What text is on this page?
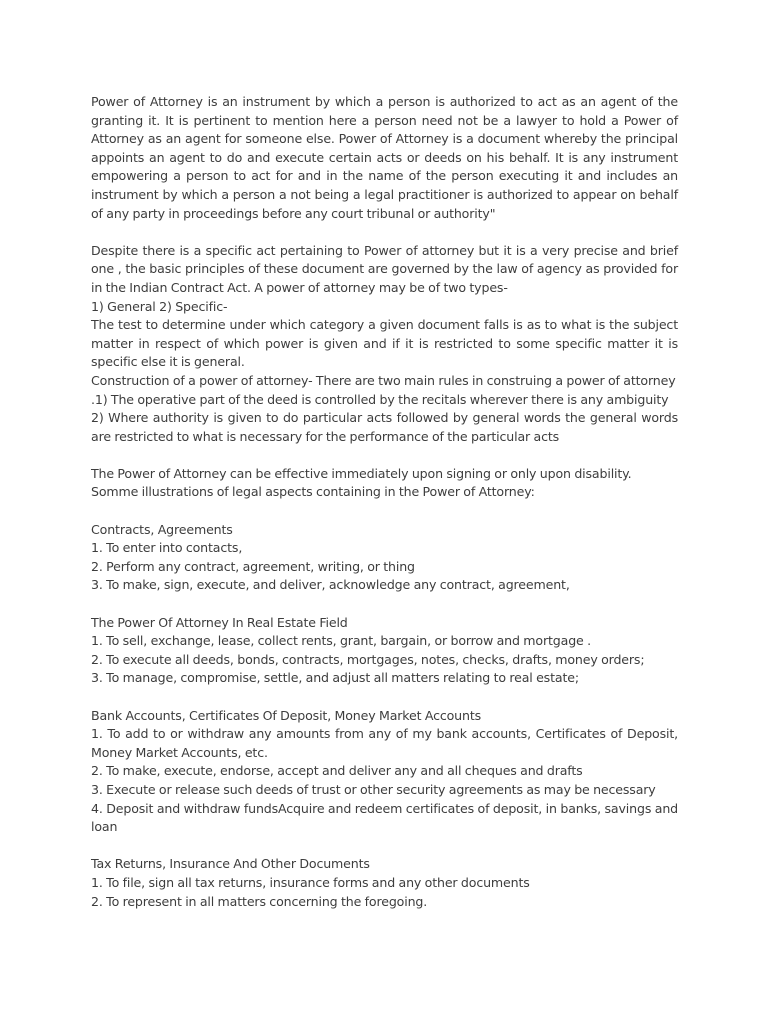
Power of Attorney is an instrument by which a person is authorized to act as an agent of the granting it. It is pertinent to mention here a person need not be a lawyer to hold a Power of Attorney as an agent for someone else. Power of Attorney is a document whereby the principal appoints an agent to do and execute certain acts or deeds on his behalf. It is any instrument empowering a person to act for and in the name of the person executing it and includes an instrument by which a person a not being a legal practitioner is authorized to appear on behalf of any party in proceedings before any court tribunal or authority"

Despite there is a specific act pertaining to Power of attorney but it is a very precise and brief one , the basic principles of these document are governed by the law of agency as provided for in the Indian Contract Act. A power of attorney may be of two types-

1) General 2) Specific-

The test to determine under which category a given document falls is as to what is the subject matter in respect of which power is given and if it is restricted to some specific matter it is specific else it is general.

Construction of a power of attorney- There are two main rules in construing a power of attorney

.1) The operative part of the deed is controlled by the recitals wherever there is any ambiguity

2) Where authority is given to do particular acts followed by general words the general words are restricted to what is necessary for the performance of the particular acts

The Power of Attorney can be effective immediately upon signing or only upon disability.

Somme illustrations of legal aspects containing in the Power of Attorney:

Contracts, Agreements

1. To enter into contacts,

2. Perform any contract, agreement, writing, or thing

3. To make, sign, execute, and deliver, acknowledge any contract, agreement,

The Power Of Attorney In Real Estate Field

1. To sell, exchange, lease, collect rents, grant, bargain, or borrow and mortgage .

2. To execute all deeds, bonds, contracts, mortgages, notes, checks, drafts, money orders;

3. To manage, compromise, settle, and adjust all matters relating to real estate;

Bank Accounts, Certificates Of Deposit, Money Market Accounts

1. To add to or withdraw any amounts from any of my bank accounts, Certificates of Deposit, Money Market Accounts, etc.

2. To make, execute, endorse, accept and deliver any and all cheques and drafts

3. Execute or release such deeds of trust or other security agreements as may be necessary

4. Deposit and withdraw fundsAcquire and redeem certificates of deposit, in banks, savings and loan

Tax Returns, Insurance And Other Documents

1. To file, sign all tax returns, insurance forms and any other documents

2. To represent in all matters concerning the foregoing.
